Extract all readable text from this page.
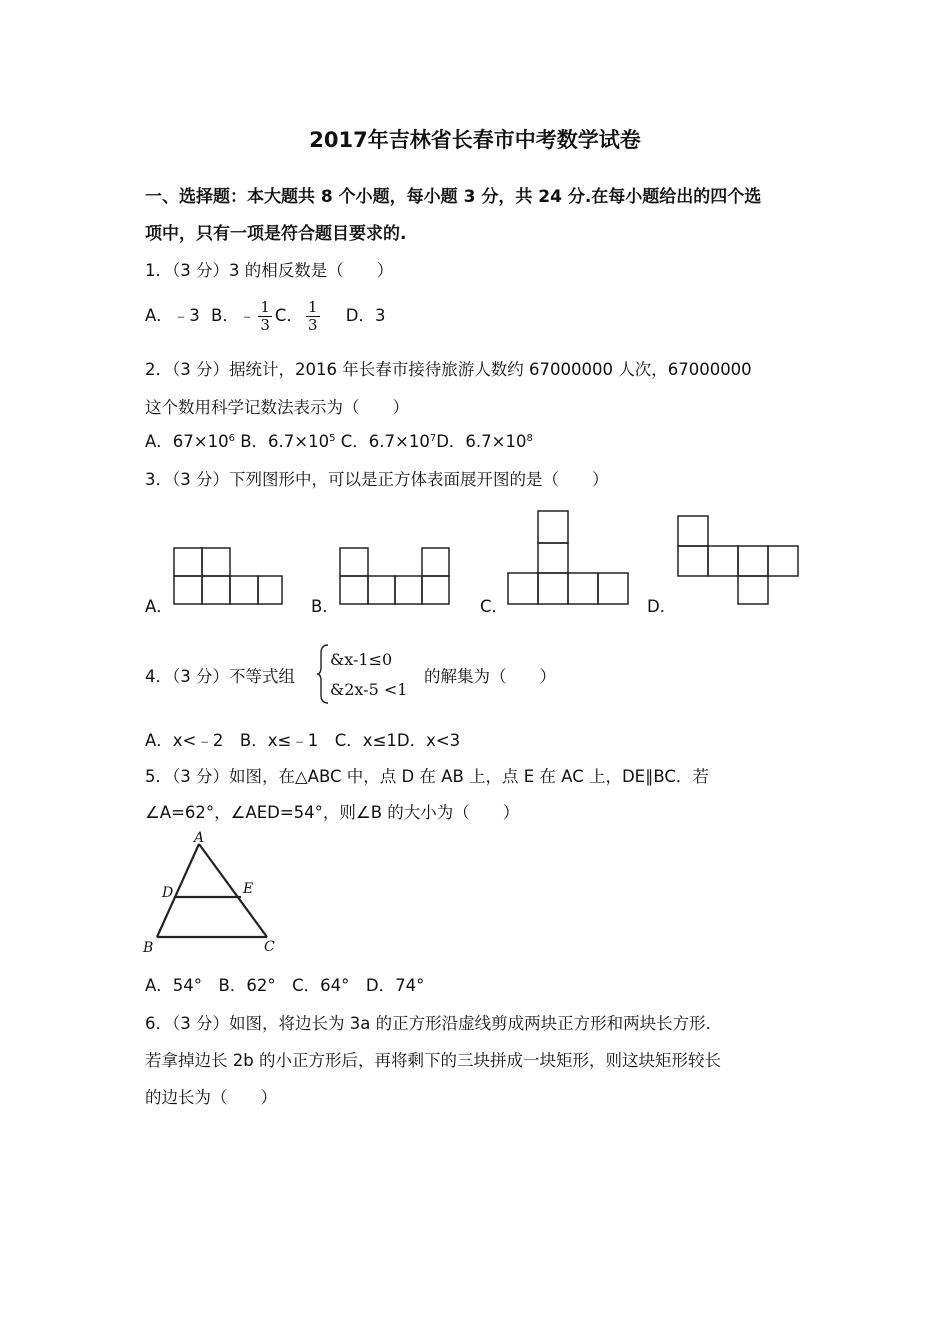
2017年吉林省长春市中考数学试卷
一、选择题：本大题共 8 个小题，每小题 3 分，共 24 分.在每小题给出的四个选
项中，只有一项是符合题目要求的.
1．（3 分）3 的相反数是（　　）
A．﹣3 B．﹣ $\frac{1}{3}$ C． $\frac{1}{3}$ D．3
2．（3 分）据统计，2016 年长春市接待旅游人数约 67000000 人次，67000000
这个数用科学记数法表示为（　　）
A．$67\times 10^6$ B．$6.7\times 10^5$ C．$6.7\times 10^7D$．$6.7\times 10^8$
3．（3 分）下列图形中，可以是正方体表面展开图的是（　　）
A．	B．	C．	D．
4．（3 分）不等式组
&x-1≤0
&2x-5 <1
的解集为（　　）
A．x<﹣2　B．x≤﹣1　C．x≤1D．x<3
5．（3 分）如图，在△ABC 中，点 D 在 AB 上，点 E 在 AC 上，DE∥BC．若
∠A=62°，∠AED=54°，则∠B 的大小为（　　）
A
B	C
D	E
A．54°　B．62°　C．64°　D．74°
6．（3 分）如图，将边长为 3a 的正方形沿虚线剪成两块正方形和两块长方形．
若拿掉边长 2b 的小正方形后，再将剩下的三块拼成一块矩形，则这块矩形较长
的边长为（　　）
